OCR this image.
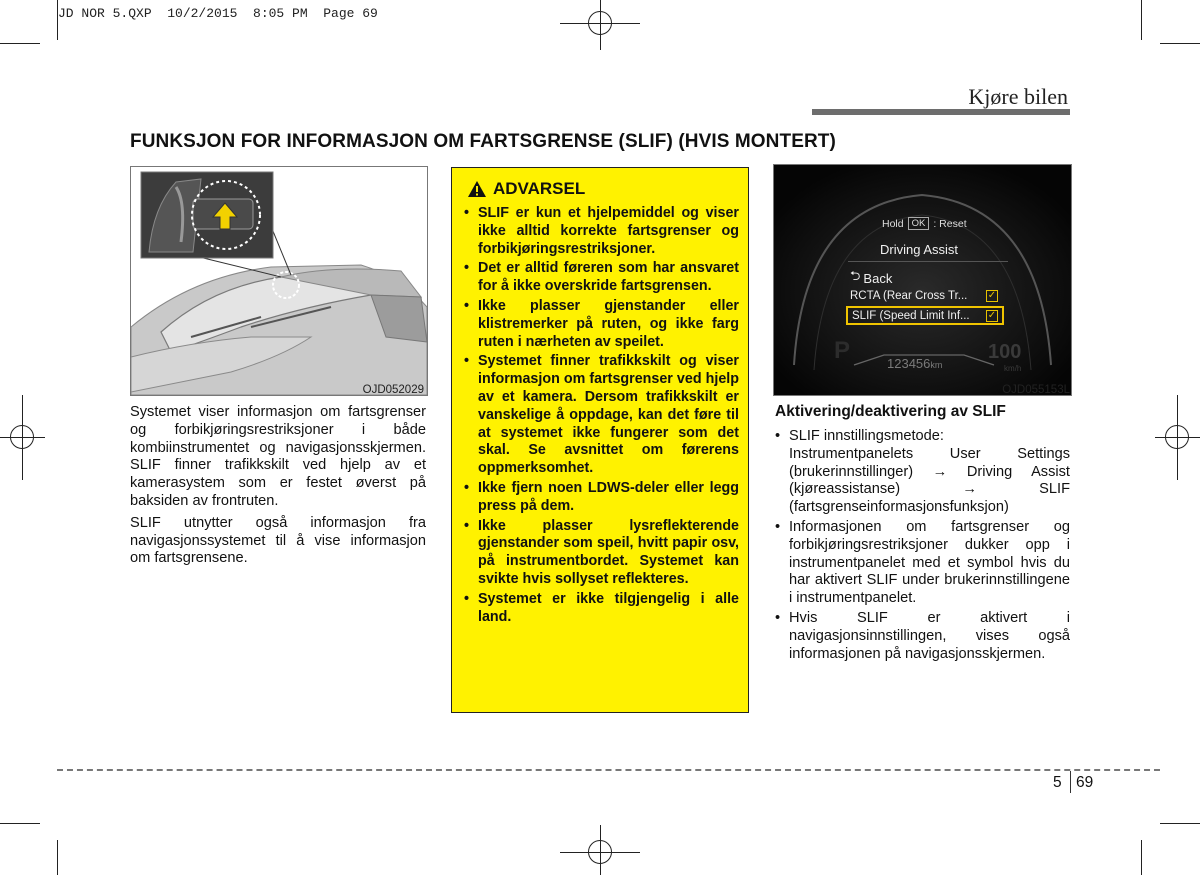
JD NOR 5.QXP  10/2/2015  8:05 PM  Page 69
Kjøre bilen
FUNKSJON FOR INFORMASJON OM FARTSGRENSE (SLIF) (HVIS MONTERT)
OJD052029

Systemet viser informasjon om fartsgrenser og forbikjøringsrestriksjoner i både kombiinstrumentet og navigasjonsskjermen. SLIF finner trafikkskilt ved hjelp av et kamerasystem som er festet øverst på baksiden av frontruten.

SLIF utnytter også informasjon fra navigasjonssystemet til å vise informasjon om fartsgrensene.

ADVARSEL
• SLIF er kun et hjelpemiddel og viser ikke alltid korrekte fartsgrenser og forbikjøringsrestriksjoner.
• Det er alltid føreren som har ansvaret for å ikke overskride fartsgrensen.
• Ikke plasser gjenstander eller klistremerker på ruten, og ikke farg ruten i nærheten av speilet.
• Systemet finner trafikkskilt og viser informasjon om fartsgrenser ved hjelp av et kamera. Dersom trafikkskilt er vanskelige å oppdage, kan det føre til at systemet ikke fungerer som det skal. Se avsnittet om førerens oppmerksomhet.
• Ikke fjern noen LDWS-deler eller legg press på dem.
• Ikke plasser lysreflekterende gjenstander som speil, hvitt papir osv, på instrumentbordet. Systemet kan svikte hvis sollyset reflekteres.
• Systemet er ikke tilgjengelig i alle land.
Hold OK : Reset
Driving Assist
⮌ Back
RCTA (Rear Cross Tr... ✓
SLIF (Speed Limit Inf... ✓
P	123456km
100
km/h
OJD055153L
Aktivering/deaktivering av SLIF
• SLIF innstillingsmetode:
Instrumentpanelets User Settings (brukerinnstillinger) → Driving Assist (kjøreassistanse) → SLIF (fartsgrenseinformasjonsfunksjon)
• Informasjonen om fartsgrenser og forbikjøringsrestriksjoner dukker opp i instrumentpanelet med et symbol hvis du har aktivert SLIF under brukerinnstillingene i instrumentpanelet.
• Hvis SLIF er aktivert i navigasjonsinnstillingen, vises også informasjonen på navigasjonsskjermen.
5 69
